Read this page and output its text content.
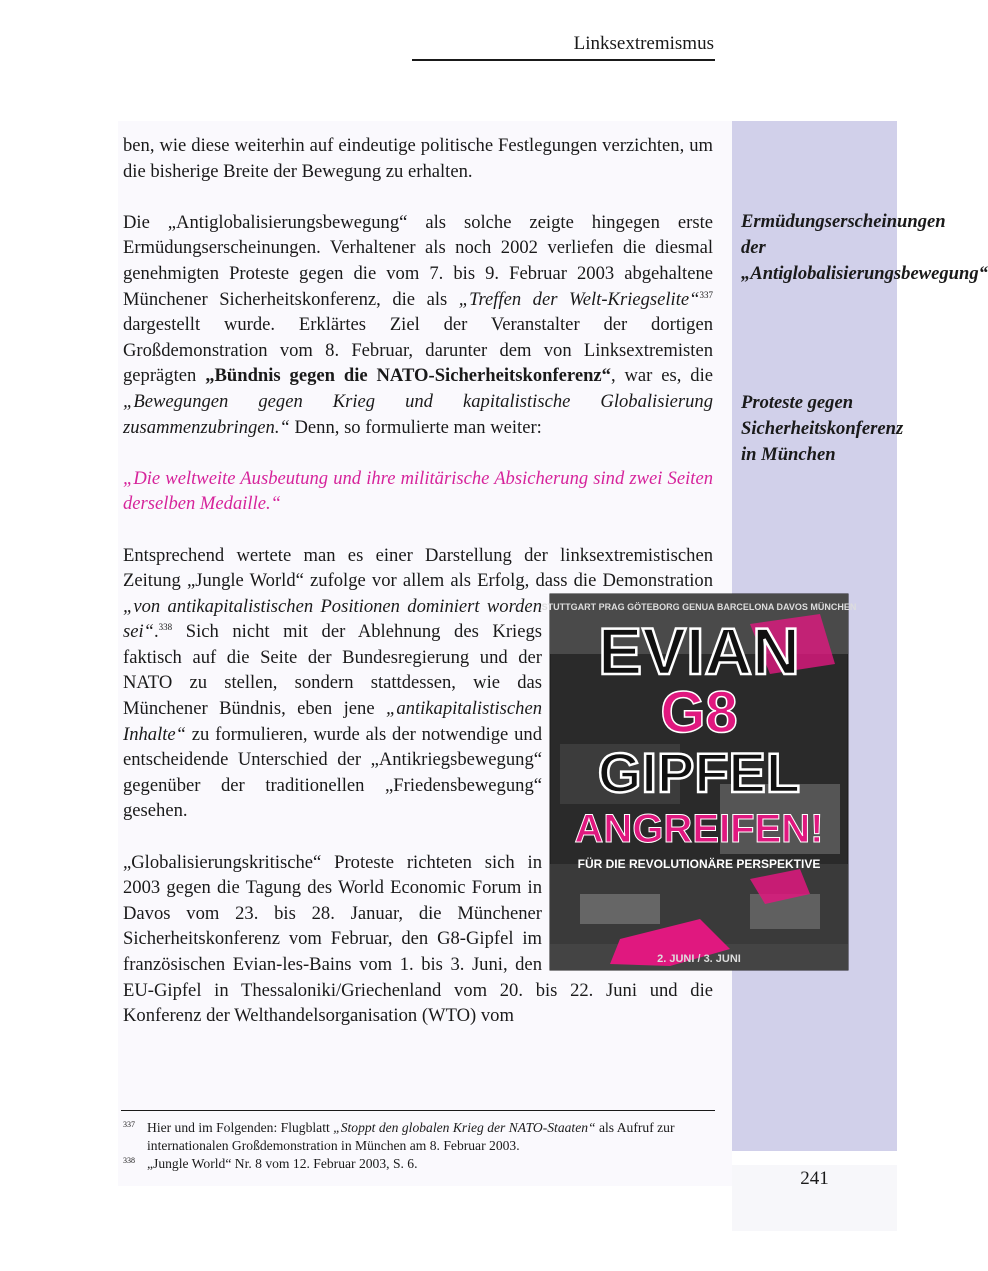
Linksextremismus
241

ben, wie diese weiterhin auf eindeutige politische Festlegungen verzichten, um die bisherige Breite der Bewegung zu erhalten.

Die „Antiglobalisierungsbewegung“ als solche zeigte hingegen erste Ermüdungserscheinungen. Verhaltener als noch 2002 verliefen die diesmal genehmigten Proteste gegen die vom 7. bis 9. Februar 2003 abgehaltene Münchener Sicherheitskonferenz, die als „Treffen der Welt-Kriegselite“$^{337}$ dargestellt wurde. Erklärtes Ziel der Veranstalter der dortigen Großdemonstration vom 8. Februar, darunter dem von Linksextremisten geprägten „Bündnis gegen die NATO-Sicherheitskonferenz“, war es, die „Bewegungen gegen Krieg und kapitalistische Globalisierung zusammenzubringen.“ Denn, so formulierte man weiter:

„Die weltweite Ausbeutung und ihre militärische Absicherung sind zwei Seiten derselben Medaille.“

Entsprechend wertete man es einer Darstellung der linksextremistischen Zeitung „Jungle World“ zufolge vor allem als Erfolg, dass die Demonstration
STUTTGART PRAG GÖTEBORG GENUA BARCELONA DAVOS MÜNCHEN
EVIAN
G8
GIPFEL
ANGREIFEN!
FÜR DIE REVOLUTIONÄRE PERSPEKTIVE
2. JUNI / 3. JUNI
„von antikapitalistischen Positionen dominiert worden sei“.$^{338}$ Sich nicht mit der Ablehnung des Kriegs faktisch auf die Seite der Bundesregierung und der NATO zu stellen, sondern stattdessen, wie das Münchener Bündnis, eben jene „antikapitalistischen Inhalte“ zu formulieren, wurde als der notwendige und entscheidende Unterschied der „Antikriegsbewegung“ gegenüber der traditionellen „Friedensbewegung“ gesehen.

„Globalisierungskritische“ Proteste richteten sich in 2003 gegen die Tagung des World Economic Forum in Davos vom 23. bis 28. Januar, die Münchener Sicherheitskonferenz vom Februar, den G8-Gipfel im französischen Evian-les-Bains vom 1. bis 3. Juni, den EU-Gipfel in Thessaloniki/Griechenland vom 20. bis 22. Juni und die Konferenz der Welthandelsorganisation (WTO) vom

Ermüdungserscheinungen der „Antiglobalisierungsbewegung“
Proteste gegen Sicherheitskonferenz in München
337 Hier und im Folgenden: Flugblatt „Stoppt den globalen Krieg der NATO-Staaten“ als Aufruf zur internationalen Großdemonstration in München am 8. Februar 2003.
338 „Jungle World“ Nr. 8 vom 12. Februar 2003, S. 6.
